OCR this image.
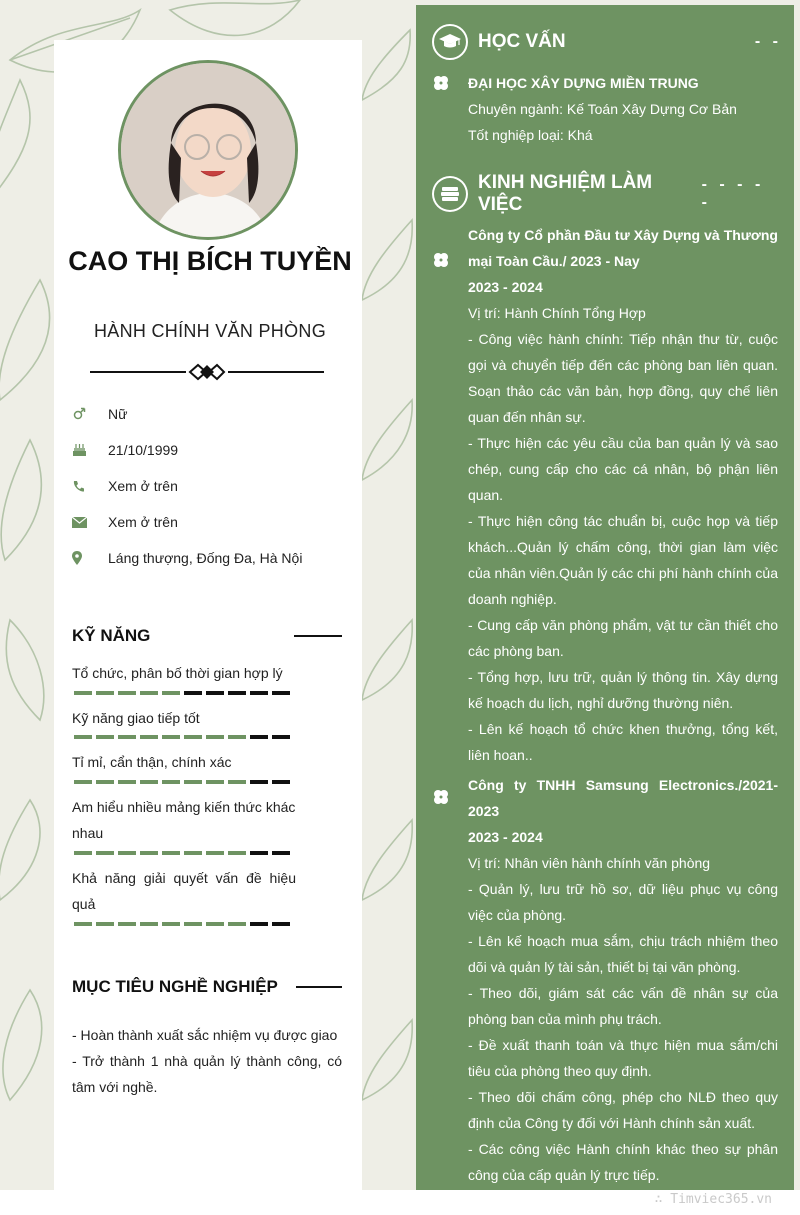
CAO THỊ BÍCH TUYỀN
HÀNH CHÍNH VĂN PHÒNG
Nữ
21/10/1999
Xem ở trên
Xem ở trên
Láng thượng, Đống Đa, Hà Nội
KỸ NĂNG
Tổ chức, phân bố thời gian hợp lý
Kỹ năng giao tiếp tốt
Tỉ mỉ, cẩn thận, chính xác
Am hiểu nhiều mảng kiến thức khác nhau
Khả năng giải quyết vấn đề hiệu quả
MỤC TIÊU NGHỀ NGHIỆP
- Hoàn thành xuất sắc nhiệm vụ được giao
- Trở thành 1 nhà quản lý thành công, có tâm với nghề.
HỌC VẤN	- -
ĐẠI HỌC XÂY DỰNG MIỀN TRUNG
Chuyên ngành: Kế Toán Xây Dựng Cơ Bản
Tốt nghiệp loại: Khá
KINH NGHIỆM LÀM VIỆC
- - - - -
Công ty Cổ phần Đầu tư Xây Dựng và Thương mại Toàn Cầu./ 2023 - Nay
2023 - 2024
Vị trí: Hành Chính Tổng Hợp
- Công việc hành chính: Tiếp nhận thư từ, cuộc gọi và chuyển tiếp đến các phòng ban liên quan. Soạn thảo các văn bản, hợp đồng, quy chế liên quan đến nhân sự.
- Thực hiện các yêu cầu của ban quản lý và sao chép, cung cấp cho các cá nhân, bộ phận liên quan.
- Thực hiện công tác chuẩn bị, cuộc họp và tiếp khách...Quản lý chấm công, thời gian làm việc của nhân viên.Quản lý các chi phí hành chính của doanh nghiệp.
- Cung cấp văn phòng phẩm, vật tư cần thiết cho các phòng ban.
- Tổng hợp, lưu trữ, quản lý thông tin. Xây dựng kế hoạch du lịch, nghỉ dưỡng thường niên.
- Lên kế hoạch tổ chức khen thưởng, tổng kết, liên hoan..
Công ty TNHH Samsung Electronics./2021-2023
2023 - 2024
Vị trí: Nhân viên hành chính văn phòng
- Quản lý, lưu trữ hồ sơ, dữ liệu phục vụ công việc của phòng.
- Lên kế hoạch mua sắm, chịu trách nhiệm theo dõi và quản lý tài sản, thiết bị tại văn phòng.
- Theo dõi, giám sát các vấn đề nhân sự của phòng ban của mình phụ trách.
- Đề xuất thanh toán và thực hiện mua sắm/chi tiêu của phòng theo quy định.
- Theo dõi chấm công, phép cho NLĐ theo quy định của Công ty đối với Hành chính sản xuất.
- Các công việc Hành chính khác theo sự phân công của cấp quản lý trực tiếp.
∴ Timviec365.vn
